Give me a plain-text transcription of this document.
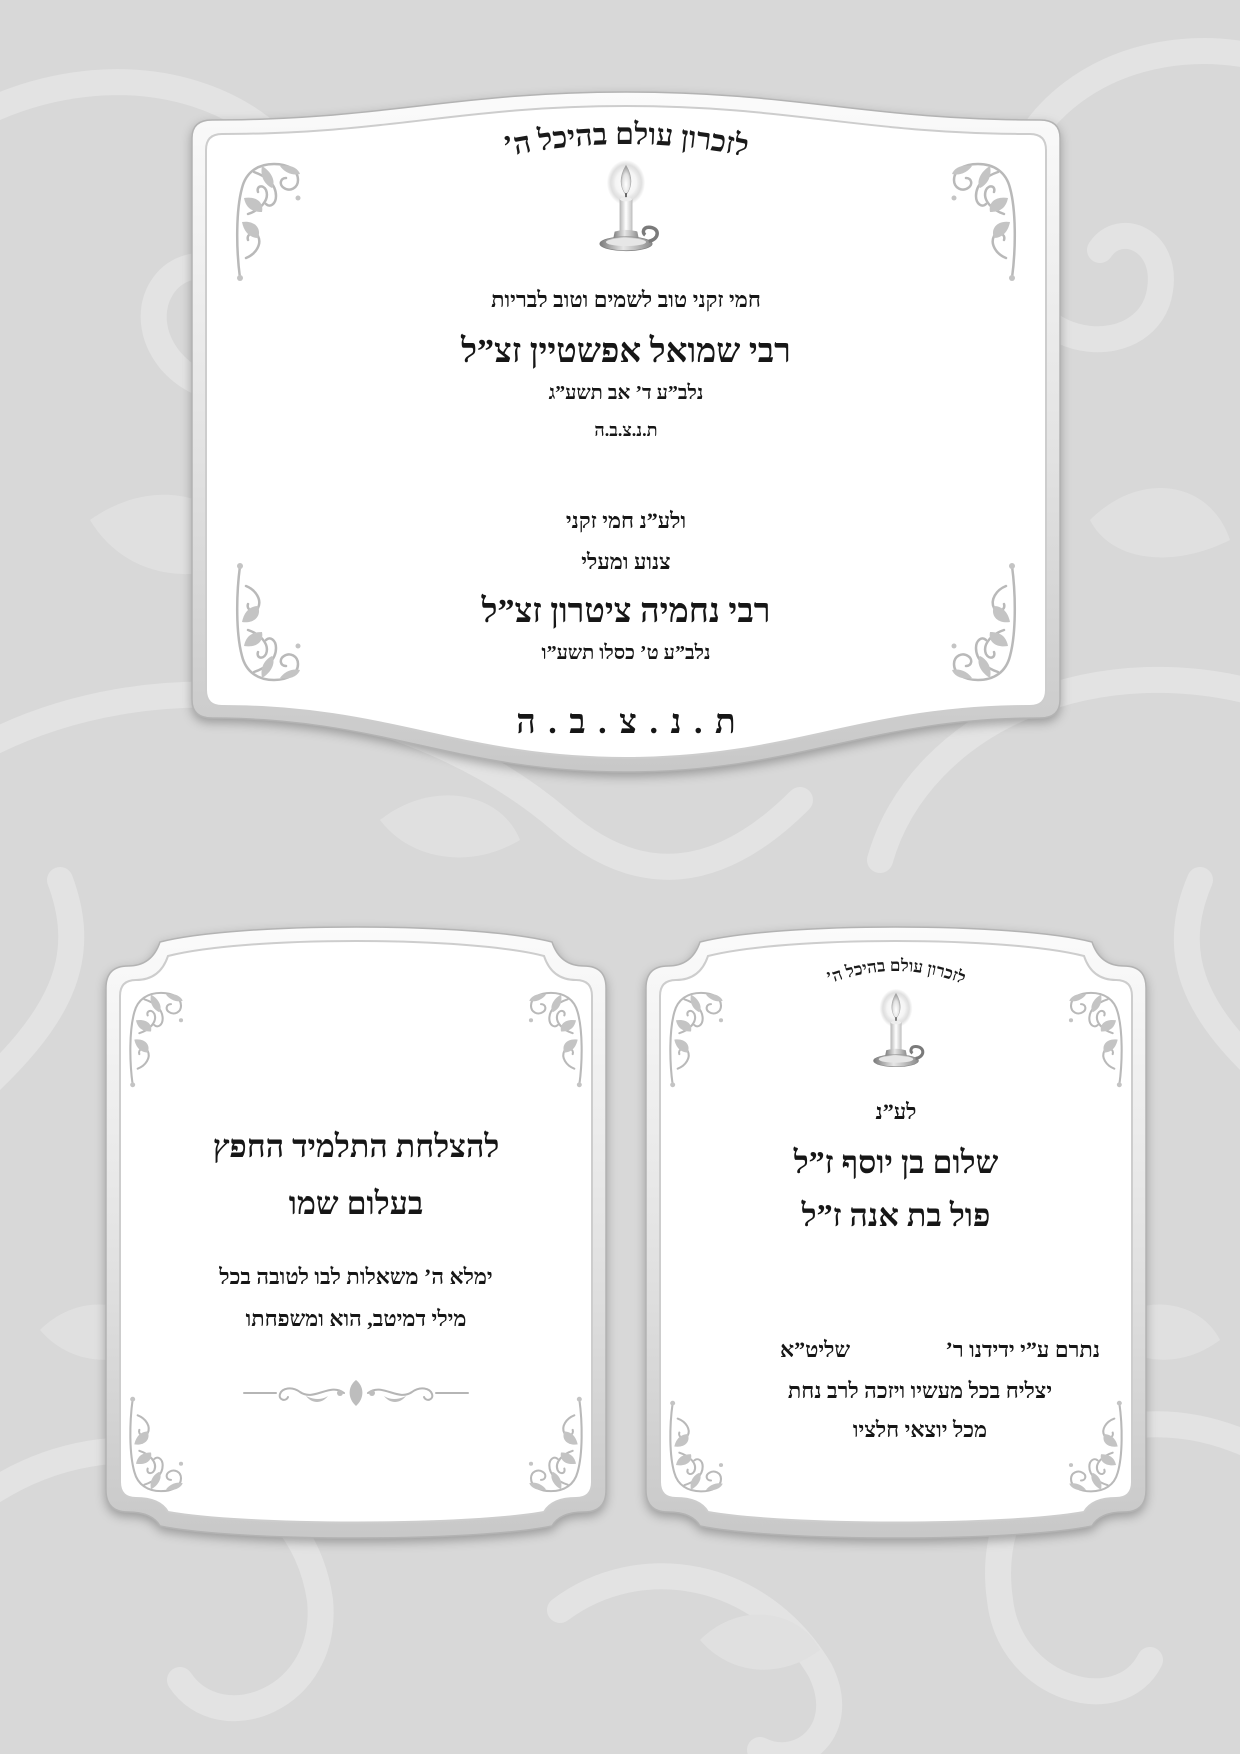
לזכרון עולם בהיכל ה’
חמי זקני טוב לשמים וטוב לבריות
רבי שמואל אפשטיין זצ”ל
נלב”ע ד’ אב תשע”ג
ת.נ.צ.ב.ה
ולע”נ חמי זקני
צנוע ומעלי
רבי נחמיה ציטרון זצ”ל
נלב”ע ט’ כסלו תשע”ו
ת . נ . צ . ב . ה
להצלחת התלמיד החפץ
בעלום שמו
ימלא ה’ משאלות לבו לטובה בכל
מילי דמיטב, הוא ומשפחתו
לזכרון עולם בהיכל ה’
לע”נ
שלום בן יוסף ז”ל
פול בת אנה ז”ל
נתרם ע”י ידידנו ר’
שליט”א
יצליח בכל מעשיו ויזכה לרב נחת
מכל יוצאי חלציו
